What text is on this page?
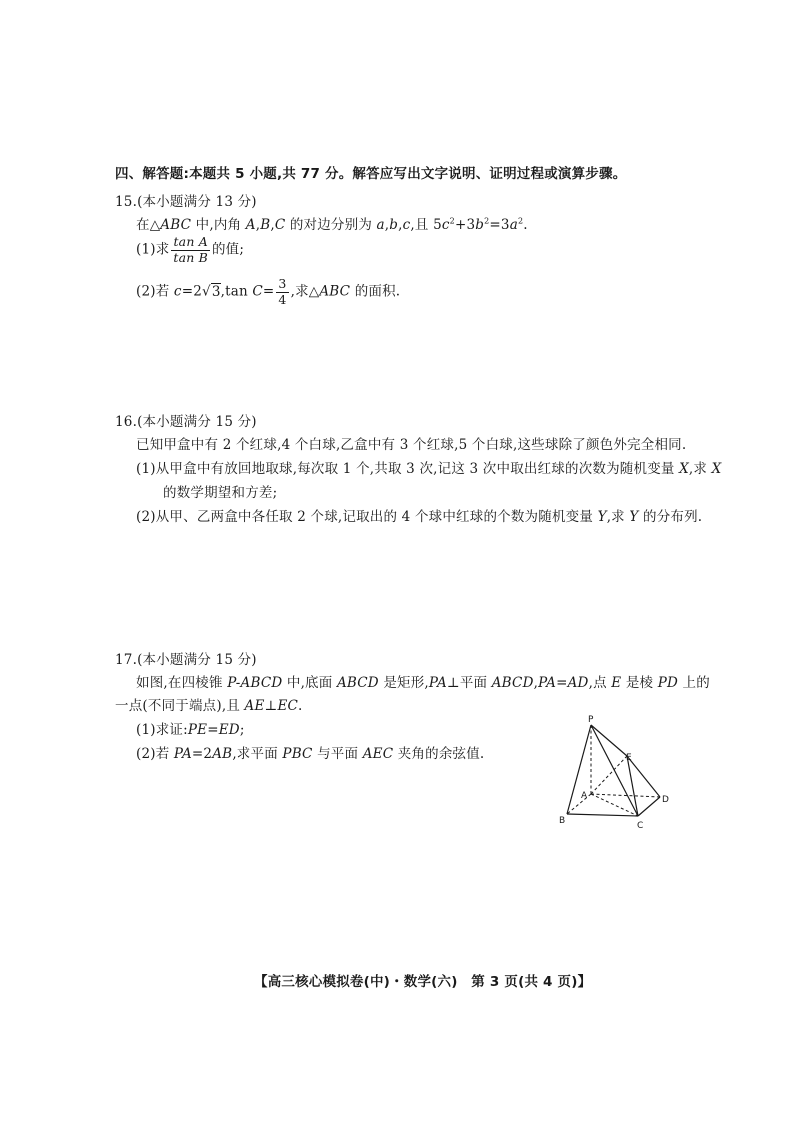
四、解答题:本题共 5 小题,共 77 分。解答应写出文字说明、证明过程或演算步骤。
15.(本小题满分 13 分)
在△ABC 中,内角 A,B,C 的对边分别为 a,b,c,且 $5c^2+3b^2=3a^2$.
(1)求 $\frac{\text{tan A}}{\text{tan B}}$ 的值;
(2)若 c=2√3,tan $C= \frac{3}{4}$ ,求△ABC 的面积.
16.(本小题满分 15 分)
已知甲盒中有 2 个红球,4 个白球,乙盒中有 3 个红球,5 个白球,这些球除了颜色外完全相同.
(1)从甲盒中有放回地取球,每次取 1 个,共取 3 次,记这 3 次中取出红球的次数为随机变量 X,求 X
的数学期望和方差;
(2)从甲、乙两盒中各任取 2 个球,记取出的 4 个球中红球的个数为随机变量 Y,求 Y 的分布列.
17.(本小题满分 15 分)
如图,在四棱锥 P-ABCD 中,底面 ABCD 是矩形,PA⊥平面 ABCD,PA=AD,点 E 是棱 PD 上的
一点(不同于端点),且 AE⊥EC.
(1)求证:PE=ED;
(2)若 PA=2AB,求平面 PBC 与平面 AEC 夹角的余弦值.
P
E
A
B	C
D
【高三核心模拟卷(中)・数学(六)　第 3 页(共 4 页)】
